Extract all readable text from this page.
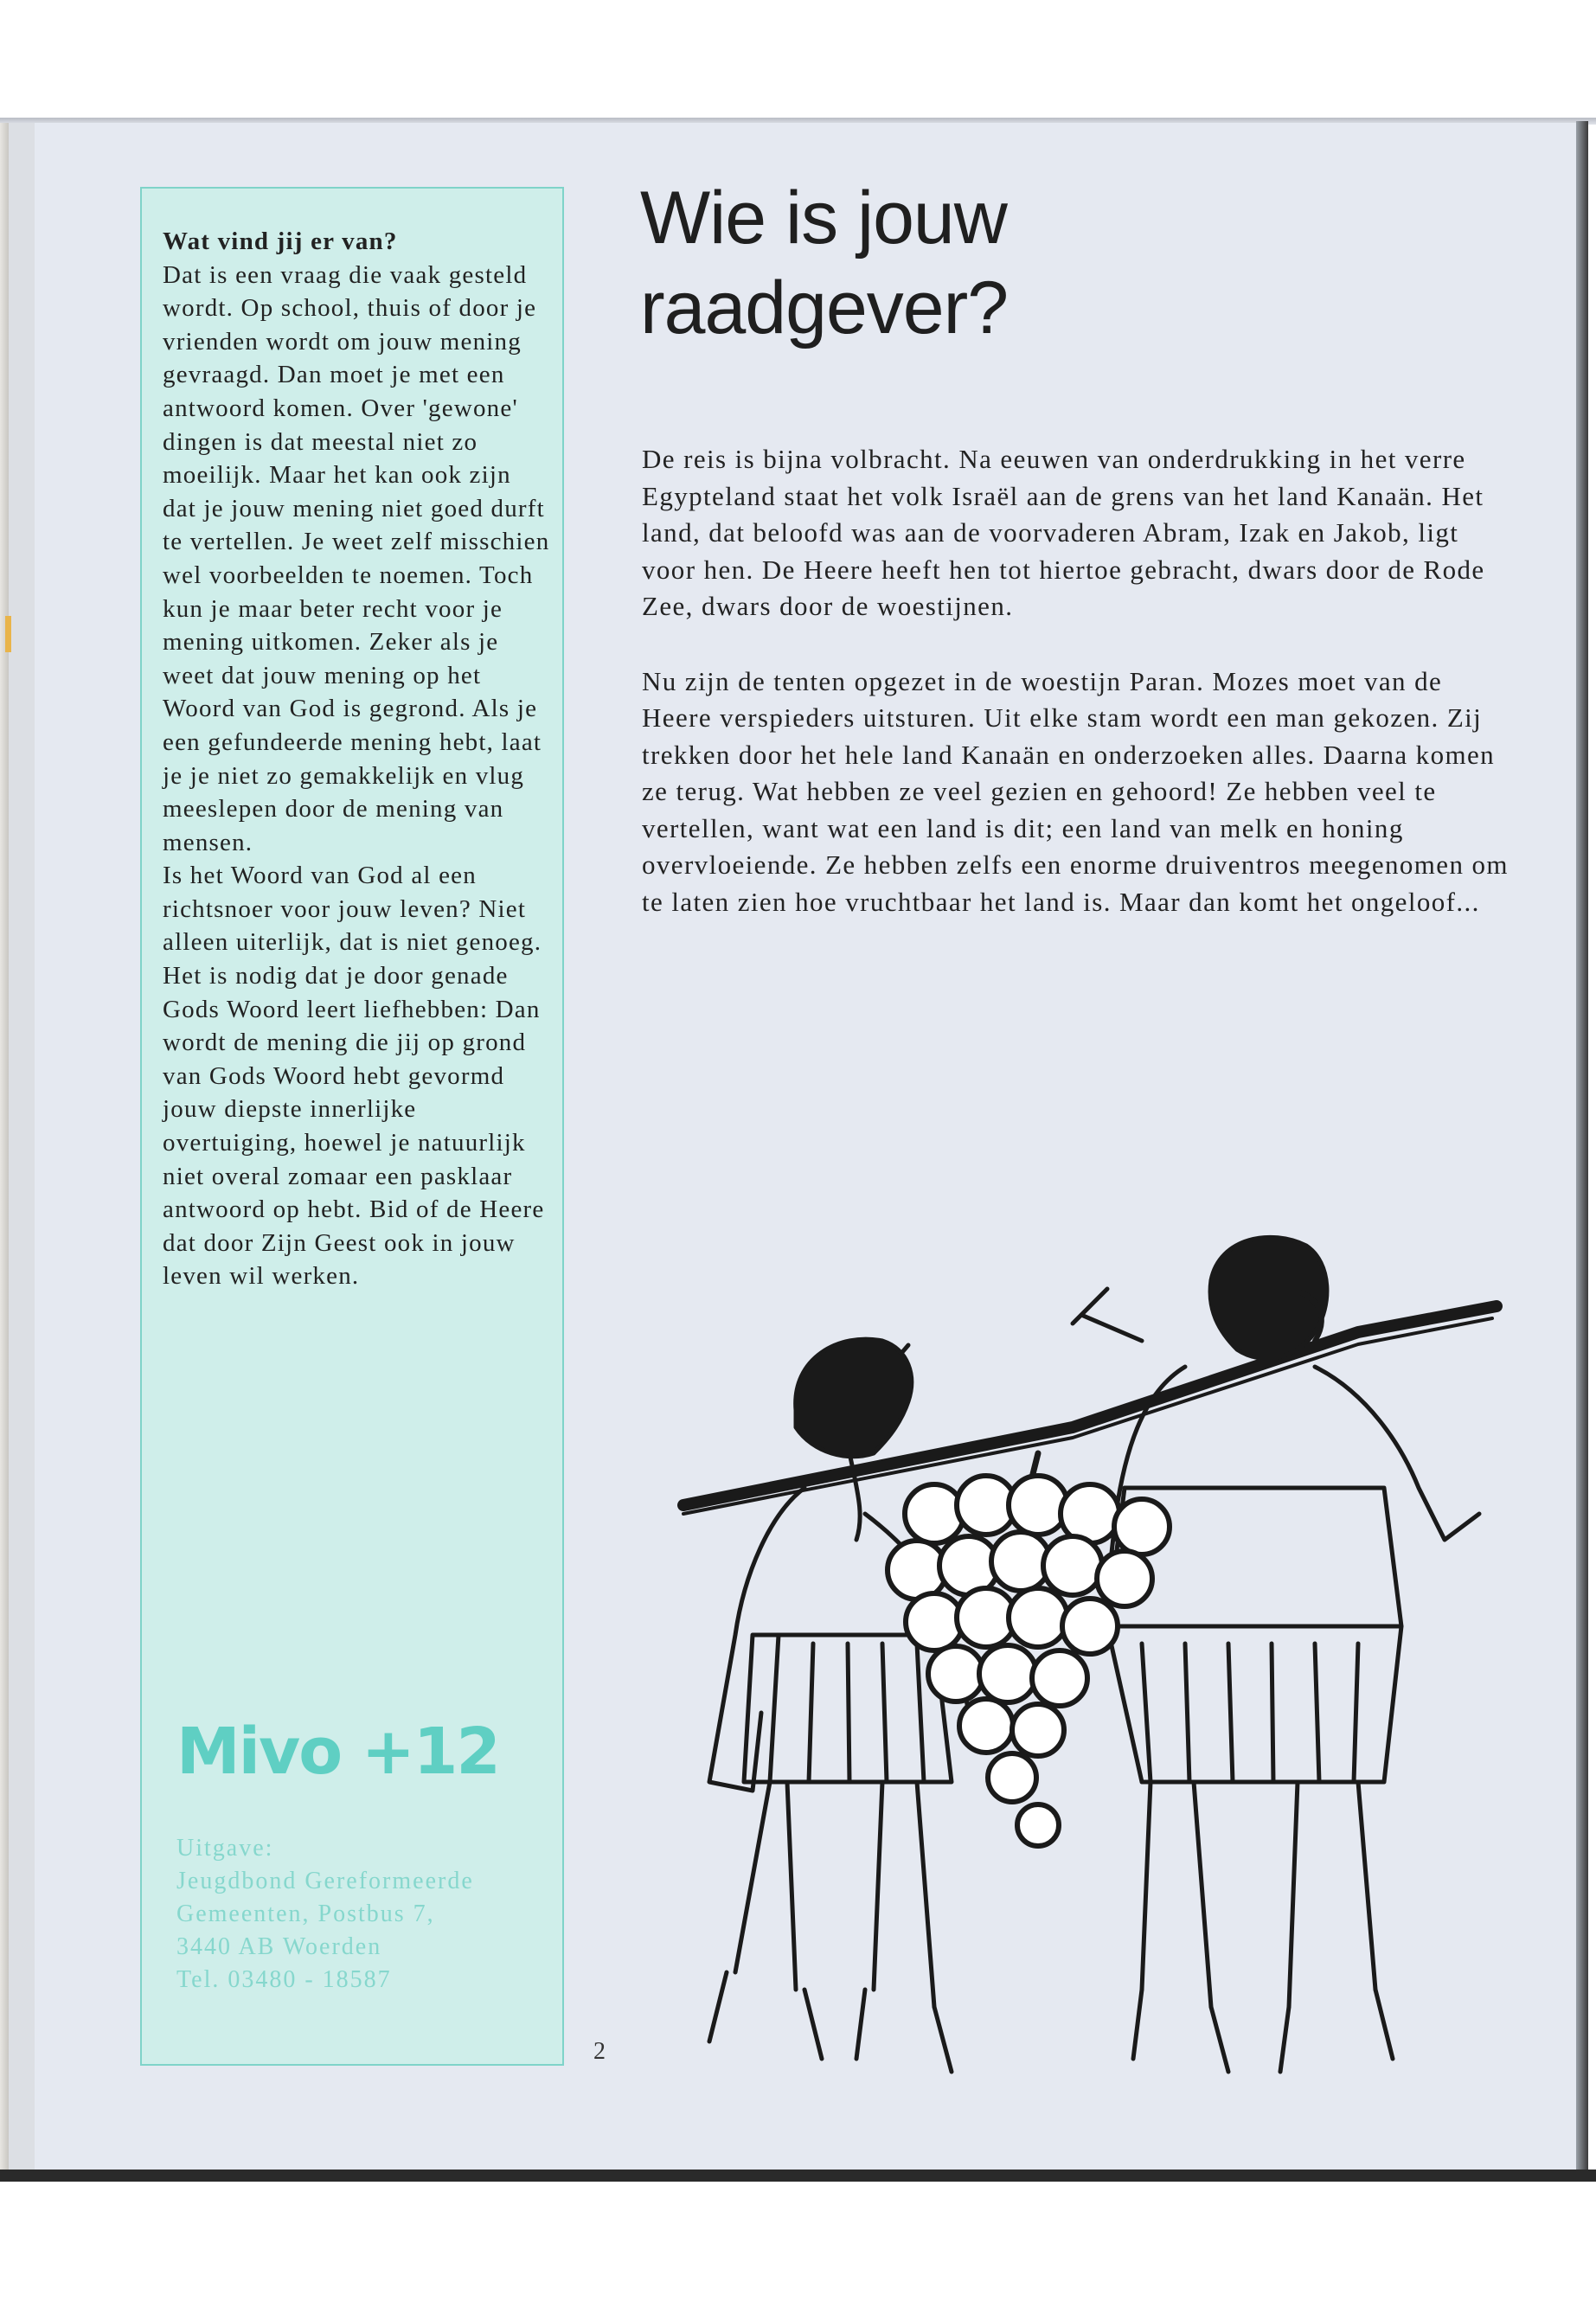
Wat vind jij er van?

Dat is een vraag die vaak gesteld wordt. Op school, thuis of door je vrienden wordt om jouw mening gevraagd. Dan moet je met een antwoord komen. Over 'gewone' dingen is dat meestal niet zo moeilijk. Maar het kan ook zijn dat je jouw mening niet goed durft te vertellen. Je weet zelf misschien wel voorbeelden te noemen. Toch kun je maar beter recht voor je mening uitkomen. Zeker als je weet dat jouw mening op het Woord van God is gegrond. Als je een gefundeerde mening hebt, laat je je niet zo gemakkelijk en vlug meeslepen door de mening van mensen.

Is het Woord van God al een richtsnoer voor jouw leven? Niet alleen uiterlijk, dat is niet genoeg. Het is nodig dat je door genade Gods Woord leert liefhebben: Dan wordt de mening die jij op grond van Gods Woord hebt gevormd jouw diepste innerlijke overtuiging, hoewel je natuurlijk niet overal zomaar een pasklaar antwoord op hebt. Bid of de Heere dat door Zijn Geest ook in jouw leven wil werken.

Mivo +12
Uitgave:
Jeugdbond Gereformeerde
Gemeenten, Postbus 7,
3440 AB Woerden
Tel. 03480 - 18587
2
Wie is jouw
raadgever?

De reis is bijna volbracht. Na eeuwen van onderdrukking in het verre Egypteland staat het volk Israël aan de grens van het land Kanaän. Het land, dat beloofd was aan de voorvaderen Abram, Izak en Jakob, ligt voor hen. De Heere heeft hen tot hiertoe gebracht, dwars door de Rode Zee, dwars door de woestijnen.

Nu zijn de tenten opgezet in de woestijn Paran. Mozes moet van de Heere verspieders uitsturen. Uit elke stam wordt een man gekozen. Zij trekken door het hele land Kanaän en onderzoeken alles. Daarna komen ze terug. Wat hebben ze veel gezien en gehoord! Ze hebben veel te vertellen, want wat een land is dit; een land van melk en honing overvloeiende. Ze hebben zelfs een enorme druiventros meegenomen om te laten zien hoe vruchtbaar het land is. Maar dan komt het ongeloof...
